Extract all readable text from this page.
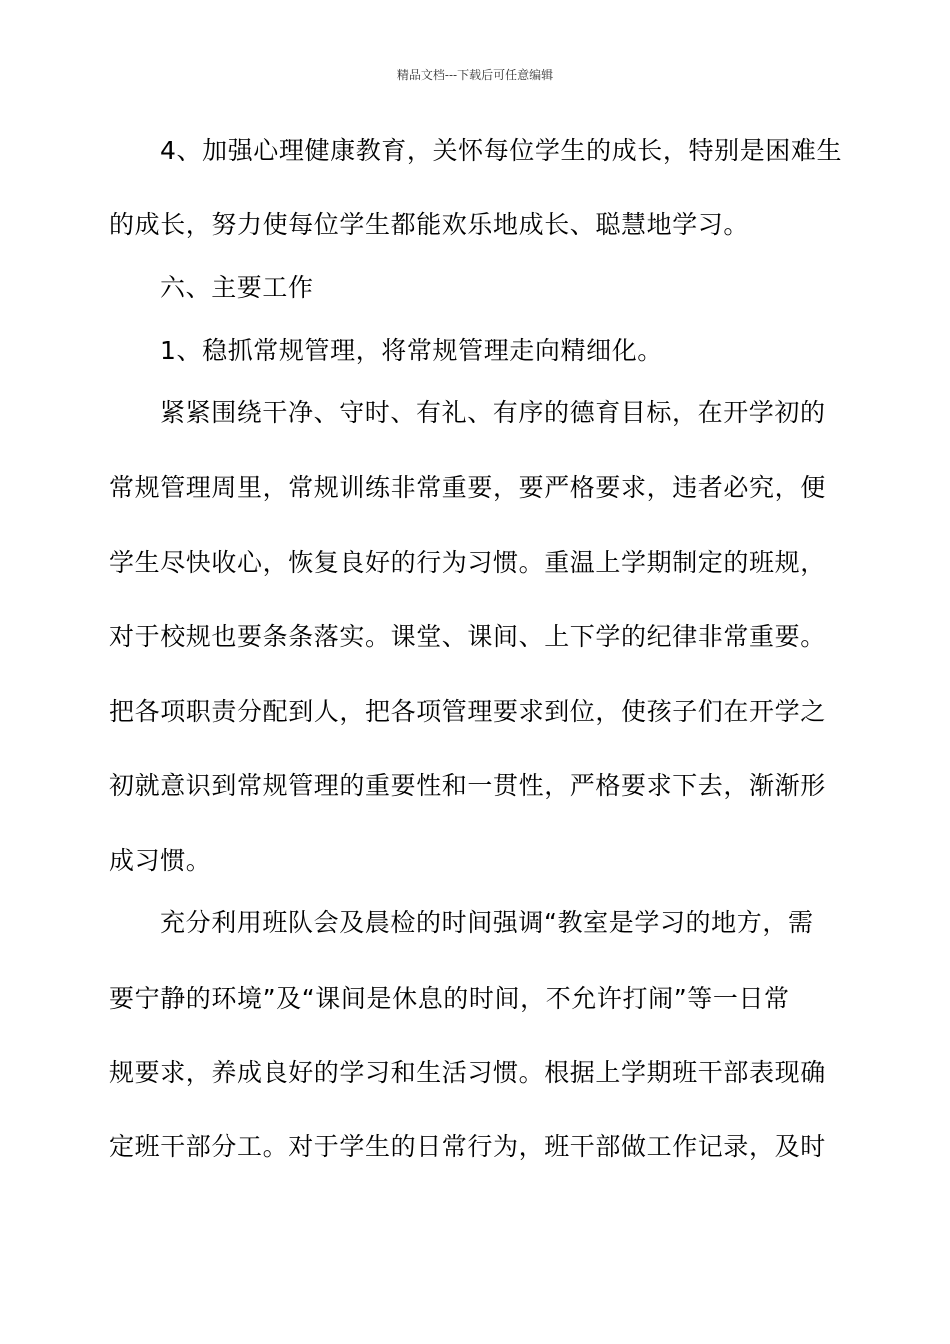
精品文档---下载后可任意编辑
4、加强心理健康教育，关怀每位学生的成长，特别是困难生
的成长，努力使每位学生都能欢乐地成长、聪慧地学习。
六、主要工作
1、稳抓常规管理，将常规管理走向精细化。
紧紧围绕干净、守时、有礼、有序的德育目标，在开学初的
常规管理周里，常规训练非常重要，要严格要求，违者必究，便
学生尽快收心，恢复良好的行为习惯。重温上学期制定的班规，
对于校规也要条条落实。课堂、课间、上下学的纪律非常重要。
把各项职责分配到人，把各项管理要求到位，使孩子们在开学之
初就意识到常规管理的重要性和一贯性，严格要求下去，渐渐形
成习惯。
充分利用班队会及晨检的时间强调“教室是学习的地方，需
要宁静的环境”及“课间是休息的时间，不允许打闹”等一日常
规要求，养成良好的学习和生活习惯。根据上学期班干部表现确
定班干部分工。对于学生的日常行为，班干部做工作记录，及时
